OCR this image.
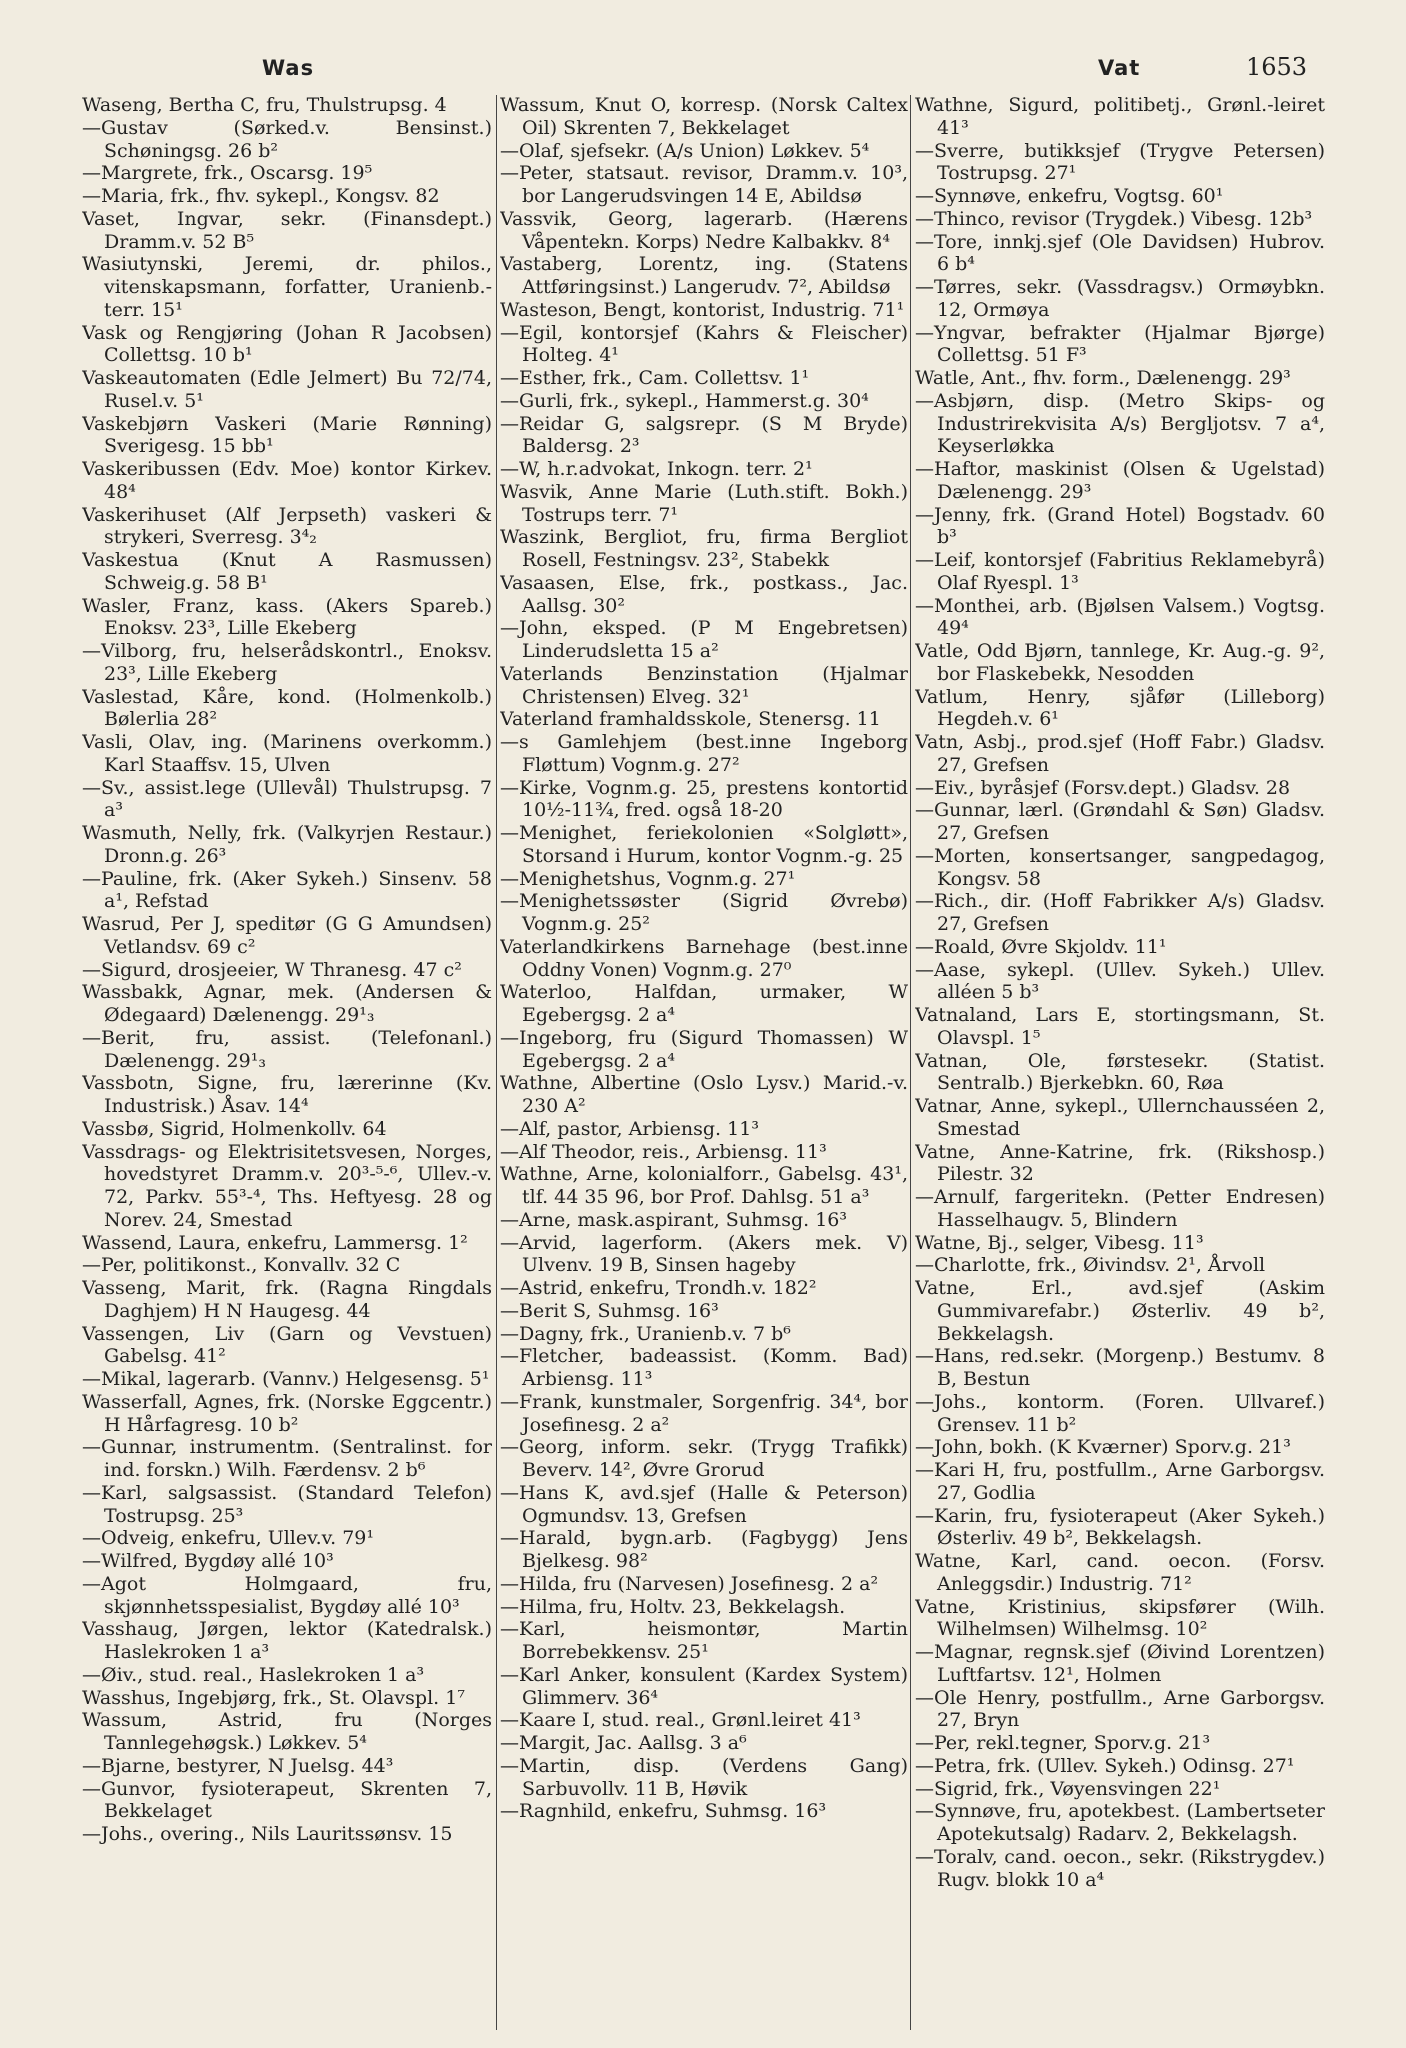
Was	Vat	1653

Waseng, Bertha C, fru, Thulstrupsg. 4

—Gustav (Sørked.v. Bensinst.) Schøningsg. 26 b²

—Margrete, frk., Oscarsg. 19⁵

—Maria, frk., fhv. sykepl., Kongsv. 82

Vaset, Ingvar, sekr. (Finansdept.) Dramm.v. 52 B⁵

Wasiutynski, Jeremi, dr. philos., vitenskapsmann, forfatter, Uranienb.-terr. 15¹

Vask og Rengjøring (Johan R Jacobsen) Collettsg. 10 b¹

Vaskeautomaten (Edle Jelmert) Bu 72/74, Rusel.v. 5¹

Vaskebjørn Vaskeri (Marie Rønning) Sverigesg. 15 bb¹

Vaskeribussen (Edv. Moe) kontor Kirkev. 48⁴

Vaskerihuset (Alf Jerpseth) vaskeri & strykeri, Sverresg. 3⁴₂

Vaskestua (Knut A Rasmussen) Schweig.g. 58 B¹

Wasler, Franz, kass. (Akers Spareb.) Enoksv. 23³, Lille Ekeberg

—Vilborg, fru, helserådskontrl., Enoksv. 23³, Lille Ekeberg

Vaslestad, Kåre, kond. (Holmenkolb.) Bølerlia 28²

Vasli, Olav, ing. (Marinens overkomm.) Karl Staaffsv. 15, Ulven

—Sv., assist.lege (Ullevål) Thulstrupsg. 7 a³

Wasmuth, Nelly, frk. (Valkyrjen Restaur.) Dronn.g. 26³

—Pauline, frk. (Aker Sykeh.) Sinsenv. 58 a¹, Refstad

Wasrud, Per J, speditør (G G Amundsen) Vetlandsv. 69 c²

—Sigurd, drosjeeier, W Thranesg. 47 c²

Wassbakk, Agnar, mek. (Andersen & Ødegaard) Dælenengg. 29¹₃

—Berit, fru, assist. (Telefonanl.) Dælenengg. 29¹₃

Vassbotn, Signe, fru, lærerinne (Kv. Industrisk.) Åsav. 14⁴

Vassbø, Sigrid, Holmenkollv. 64

Vassdrags- og Elektrisitetsvesen, Norges, hovedstyret Dramm.v. 20³-⁵-⁶, Ullev.-v. 72, Parkv. 55³-⁴, Ths. Heftyesg. 28 og Norev. 24, Smestad

Wassend, Laura, enkefru, Lammersg. 1²

—Per, politikonst., Konvallv. 32 C

Vasseng, Marit, frk. (Ragna Ringdals Daghjem) H N Haugesg. 44

Vassengen, Liv (Garn og Vevstuen) Gabelsg. 41²

—Mikal, lagerarb. (Vannv.) Helgesensg. 5¹

Wasserfall, Agnes, frk. (Norske Eggcentr.) H Hårfagresg. 10 b²

—Gunnar, instrumentm. (Sentralinst. for ind. forskn.) Wilh. Færdensv. 2 b⁶

—Karl, salgsassist. (Standard Telefon) Tostrupsg. 25³

—Odveig, enkefru, Ullev.v. 79¹

—Wilfred, Bygdøy allé 10³

—Agot Holmgaard, fru, skjønnhetsspesialist, Bygdøy allé 10³

Vasshaug, Jørgen, lektor (Katedralsk.) Haslekroken 1 a³

—Øiv., stud. real., Haslekroken 1 a³

Wasshus, Ingebjørg, frk., St. Olavspl. 1⁷

Wassum, Astrid, fru (Norges Tannlegehøgsk.) Løkkev. 5⁴

—Bjarne, bestyrer, N Juelsg. 44³

—Gunvor, fysioterapeut, Skrenten 7, Bekkelaget

—Johs., overing., Nils Lauritssønsv. 15

Wassum, Knut O, korresp. (Norsk Caltex Oil) Skrenten 7, Bekkelaget

—Olaf, sjefsekr. (A/s Union) Løkkev. 5⁴

—Peter, statsaut. revisor, Dramm.v. 10³, bor Langerudsvingen 14 E, Abildsø

Vassvik, Georg, lagerarb. (Hærens Våpentekn. Korps) Nedre Kalbakkv. 8⁴

Vastaberg, Lorentz, ing. (Statens Attføringsinst.) Langerudv. 7², Abildsø

Wasteson, Bengt, kontorist, Industrig. 71¹

—Egil, kontorsjef (Kahrs & Fleischer) Holteg. 4¹

—Esther, frk., Cam. Collettsv. 1¹

—Gurli, frk., sykepl., Hammerst.g. 30⁴

—Reidar G, salgsrepr. (S M Bryde) Baldersg. 2³

—W, h.r.advokat, Inkogn. terr. 2¹

Wasvik, Anne Marie (Luth.stift. Bokh.) Tostrups terr. 7¹

Waszink, Bergliot, fru, firma Bergliot Rosell, Festningsv. 23², Stabekk

Vasaasen, Else, frk., postkass., Jac. Aallsg. 30²

—John, eksped. (P M Engebretsen) Linderudsletta 15 a²

Vaterlands Benzinstation (Hjalmar Christensen) Elveg. 32¹

Vaterland framhaldsskole, Stenersg. 11

—s Gamlehjem (best.inne Ingeborg Fløttum) Vognm.g. 27²

—Kirke, Vognm.g. 25, prestens kontortid 10½-11¾, fred. også 18-20

—Menighet, feriekolonien «Solgløtt», Storsand i Hurum, kontor Vognm.-g. 25

—Menighetshus, Vognm.g. 27¹

—Menighetssøster (Sigrid Øvrebø) Vognm.g. 25²

Vaterlandkirkens Barnehage (best.inne Oddny Vonen) Vognm.g. 27⁰

Waterloo, Halfdan, urmaker, W Egebergsg. 2 a⁴

—Ingeborg, fru (Sigurd Thomassen) W Egebergsg. 2 a⁴

Wathne, Albertine (Oslo Lysv.) Marid.-v. 230 A²

—Alf, pastor, Arbiensg. 11³

—Alf Theodor, reis., Arbiensg. 11³

Wathne, Arne, kolonialforr., Gabelsg. 43¹, tlf. 44 35 96, bor Prof. Dahlsg. 51 a³

—Arne, mask.aspirant, Suhmsg. 16³

—Arvid, lagerform. (Akers mek. V) Ulvenv. 19 B, Sinsen hageby

—Astrid, enkefru, Trondh.v. 182²

—Berit S, Suhmsg. 16³

—Dagny, frk., Uranienb.v. 7 b⁶

—Fletcher, badeassist. (Komm. Bad) Arbiensg. 11³

—Frank, kunstmaler, Sorgenfrig. 34⁴, bor Josefinesg. 2 a²

—Georg, inform. sekr. (Trygg Trafikk) Beverv. 14², Øvre Grorud

—Hans K, avd.sjef (Halle & Peterson) Ogmundsv. 13, Grefsen

—Harald, bygn.arb. (Fagbygg) Jens Bjelkesg. 98²

—Hilda, fru (Narvesen) Josefinesg. 2 a²

—Hilma, fru, Holtv. 23, Bekkelagsh.

—Karl, heismontør, Martin Borrebekkensv. 25¹

—Karl Anker, konsulent (Kardex System) Glimmerv. 36⁴

—Kaare I, stud. real., Grønl.leiret 41³

—Margit, Jac. Aallsg. 3 a⁶

—Martin, disp. (Verdens Gang) Sarbuvollv. 11 B, Høvik

—Ragnhild, enkefru, Suhmsg. 16³

Wathne, Sigurd, politibetj., Grønl.-leiret 41³

—Sverre, butikksjef (Trygve Petersen) Tostrupsg. 27¹

—Synnøve, enkefru, Vogtsg. 60¹

—Thinco, revisor (Trygdek.) Vibesg. 12b³

—Tore, innkj.sjef (Ole Davidsen) Hubrov. 6 b⁴

—Tørres, sekr. (Vassdragsv.) Ormøybkn. 12, Ormøya

—Yngvar, befrakter (Hjalmar Bjørge) Collettsg. 51 F³

Watle, Ant., fhv. form., Dælenengg. 29³

—Asbjørn, disp. (Metro Skips- og Industrirekvisita A/s) Bergljotsv. 7 a⁴, Keyserløkka

—Haftor, maskinist (Olsen & Ugelstad) Dælenengg. 29³

—Jenny, frk. (Grand Hotel) Bogstadv. 60 b³

—Leif, kontorsjef (Fabritius Reklamebyrå) Olaf Ryespl. 1³

—Monthei, arb. (Bjølsen Valsem.) Vogtsg. 49⁴

Vatle, Odd Bjørn, tannlege, Kr. Aug.-g. 9², bor Flaskebekk, Nesodden

Vatlum, Henry, sjåfør (Lilleborg) Hegdeh.v. 6¹

Vatn, Asbj., prod.sjef (Hoff Fabr.) Gladsv. 27, Grefsen

—Eiv., byråsjef (Forsv.dept.) Gladsv. 28

—Gunnar, lærl. (Grøndahl & Søn) Gladsv. 27, Grefsen

—Morten, konsertsanger, sangpedagog, Kongsv. 58

—Rich., dir. (Hoff Fabrikker A/s) Gladsv. 27, Grefsen

—Roald, Øvre Skjoldv. 11¹

—Aase, sykepl. (Ullev. Sykeh.) Ullev. alléen 5 b³

Vatnaland, Lars E, stortingsmann, St. Olavspl. 1⁵

Vatnan, Ole, førstesekr. (Statist. Sentralb.) Bjerkebkn. 60, Røa

Vatnar, Anne, sykepl., Ullernchausséen 2, Smestad

Vatne, Anne-Katrine, frk. (Rikshosp.) Pilestr. 32

—Arnulf, fargeritekn. (Petter Endresen) Hasselhaugv. 5, Blindern

Watne, Bj., selger, Vibesg. 11³

—Charlotte, frk., Øivindsv. 2¹, Årvoll

Vatne, Erl., avd.sjef (Askim Gummivarefabr.) Østerliv. 49 b², Bekkelagsh.

—Hans, red.sekr. (Morgenp.) Bestumv. 8 B, Bestun

—Johs., kontorm. (Foren. Ullvaref.) Grensev. 11 b²

—John, bokh. (K Kværner) Sporv.g. 21³

—Kari H, fru, postfullm., Arne Garborgsv. 27, Godlia

—Karin, fru, fysioterapeut (Aker Sykeh.) Østerliv. 49 b², Bekkelagsh.

Watne, Karl, cand. oecon. (Forsv. Anleggsdir.) Industrig. 71²

Vatne, Kristinius, skipsfører (Wilh. Wilhelmsen) Wilhelmsg. 10²

—Magnar, regnsk.sjef (Øivind Lorentzen) Luftfartsv. 12¹, Holmen

—Ole Henry, postfullm., Arne Garborgsv. 27, Bryn

—Per, rekl.tegner, Sporv.g. 21³

—Petra, frk. (Ullev. Sykeh.) Odinsg. 27¹

—Sigrid, frk., Vøyensvingen 22¹

—Synnøve, fru, apotekbest. (Lambertseter Apotekutsalg) Radarv. 2, Bekkelagsh.

—Toralv, cand. oecon., sekr. (Rikstrygdev.) Rugv. blokk 10 a⁴
